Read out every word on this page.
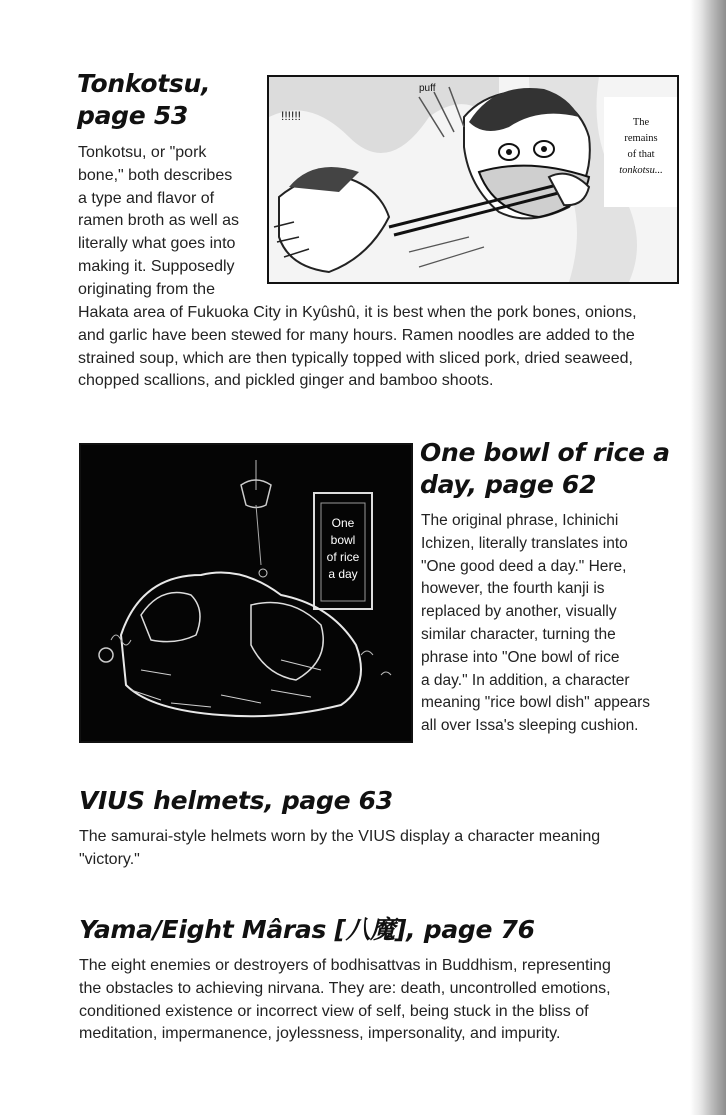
Tonkotsu,
page 53
Tonkotsu, or "pork
bone," both describes
a type and flavor of
ramen broth as well as
literally what goes into
making it. Supposedly
originating from the
!!!!!!
puff
The
remains
of that
tonkotsu...
Hakata area of Fukuoka City in Kyûshû, it is best when the pork bones, onions,
and garlic have been stewed for many hours. Ramen noodles are added to the
strained soup, which are then typically topped with sliced pork, dried seaweed,
chopped scallions, and pickled ginger and bamboo shoots.
One
bowl
of rice
a day
One bowl of rice a
day, page 62
The original phrase, Ichinichi
Ichizen, literally translates into
"One good deed a day." Here,
however, the fourth kanji is
replaced by another, visually
similar character, turning the
phrase into "One bowl of rice
a day." In addition, a character
meaning "rice bowl dish" appears
all over Issa's sleeping cushion.
VIUS helmets, page 63
The samurai-style helmets worn by the VIUS display a character meaning
"victory."
Yama/Eight Mâras [八魔], page 76
The eight enemies or destroyers of bodhisattvas in Buddhism, representing
the obstacles to achieving nirvana. They are: death, uncontrolled emotions,
conditioned existence or incorrect view of self, being stuck in the bliss of
meditation, impermanence, joylessness, impersonality, and impurity.
